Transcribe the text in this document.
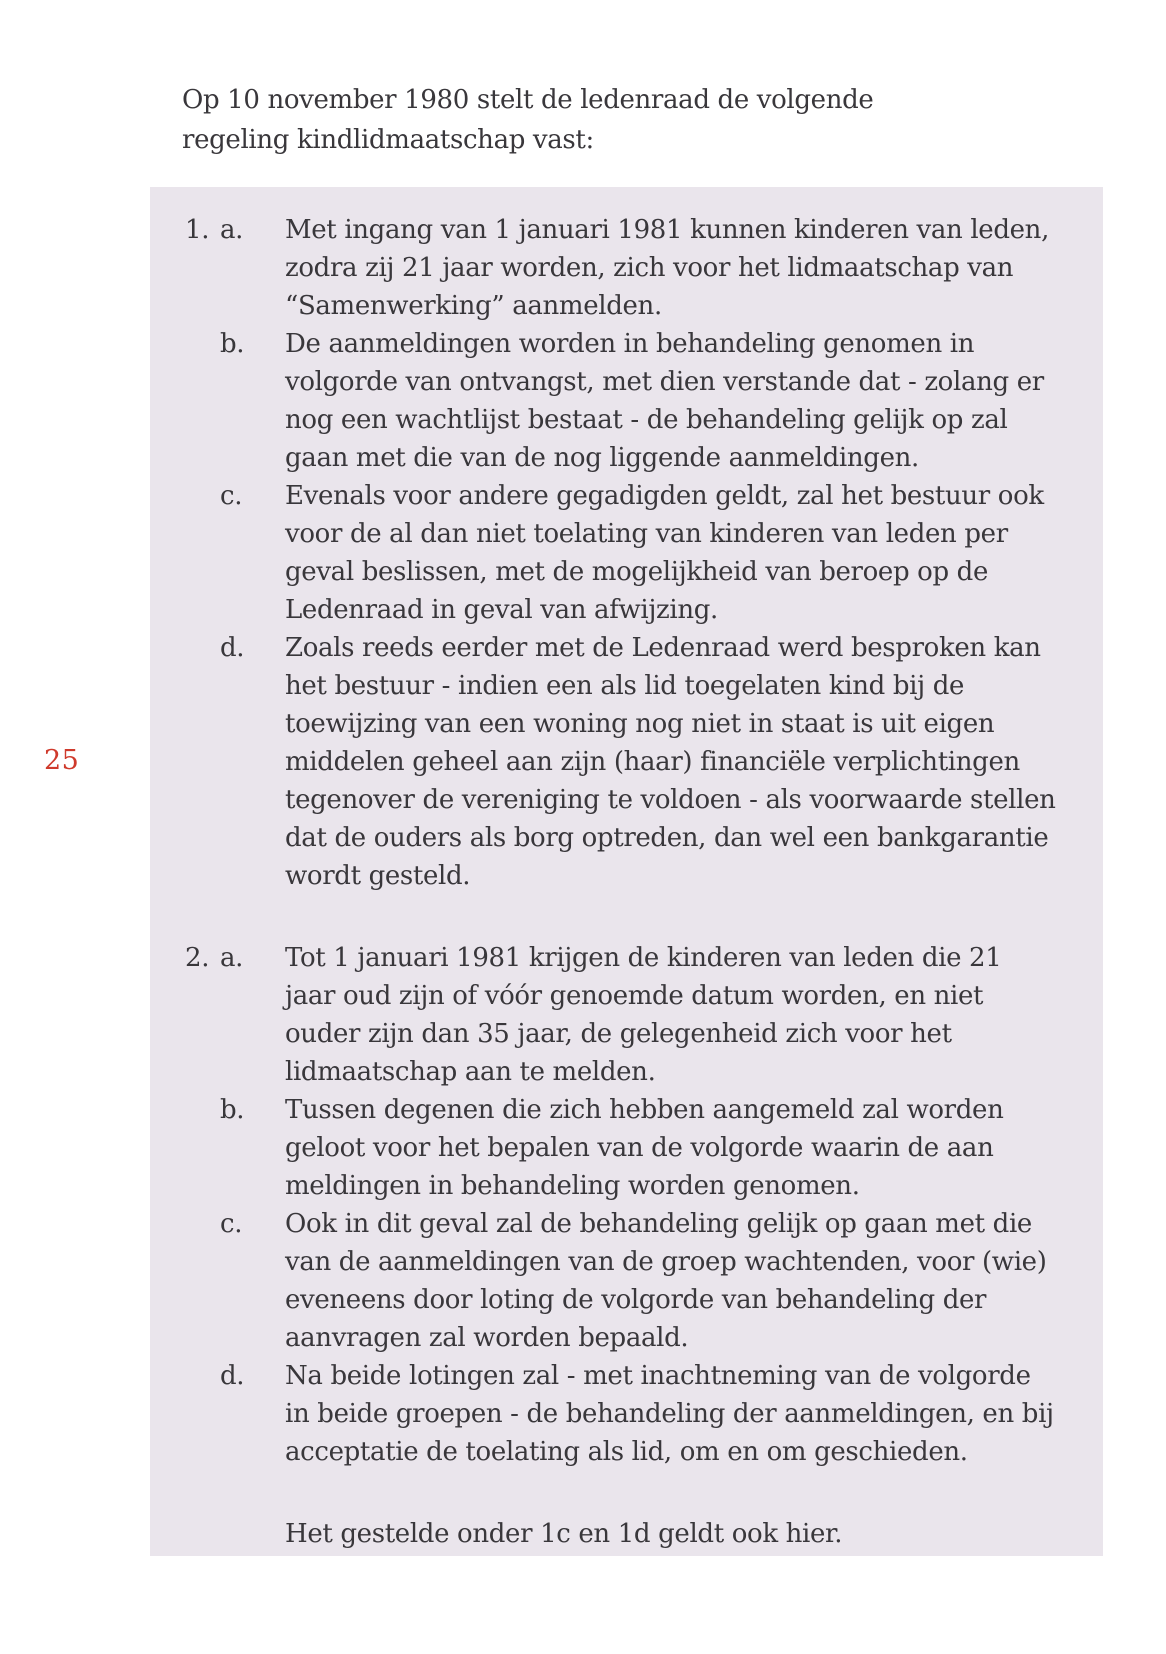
Op 10 november 1980 stelt de ledenraad de volgende regeling kindlidmaatschap vast:
25
1. a.	Met ingang van 1 januari 1981 kunnen kinderen van leden, zodra zij 21 jaar worden, zich voor het lidmaatschap van “Samenwerking” aanmelden.
b.	De aanmeldingen worden in behandeling genomen in volgorde van ontvangst, met dien verstande dat - zolang er nog een wachtlijst bestaat - de behandeling gelijk op zal gaan met die van de nog liggende aanmeldingen.
c.	Evenals voor andere gegadigden geldt, zal het bestuur ook voor de al dan niet toelating van kinderen van leden per geval beslissen, met de mogelijkheid van beroep op de Ledenraad in geval van afwijzing.
d.	Zoals reeds eerder met de Ledenraad werd besproken kan het bestuur - indien een als lid toegelaten kind bij de toewijzing van een woning nog niet in staat is uit eigen middelen geheel aan zijn (haar) financiële verplichtingen tegenover de vereniging te voldoen - als voorwaarde stellen dat de ouders als borg optreden, dan wel een bankgarantie wordt gesteld.
2. a.	Tot 1 januari 1981 krijgen de kinderen van leden die 21 jaar oud zijn of vóór genoemde datum worden, en niet ouder zijn dan 35 jaar, de gelegenheid zich voor het lidmaatschap aan te melden.
b.	Tussen degenen die zich hebben aangemeld zal worden geloot voor het bepalen van de volgorde waarin de aan meldingen in behandeling worden genomen.
c.	Ook in dit geval zal de behandeling gelijk op gaan met die van de aanmeldingen van de groep wachtenden, voor (wie) eveneens door loting de volgorde van behandeling der aanvragen zal worden bepaald.
d.	Na beide lotingen zal - met inachtneming van de volgorde in beide groepen - de behandeling der aanmeldingen, en bij acceptatie de toelating als lid, om en om geschieden.
Het gestelde onder 1c en 1d geldt ook hier.
